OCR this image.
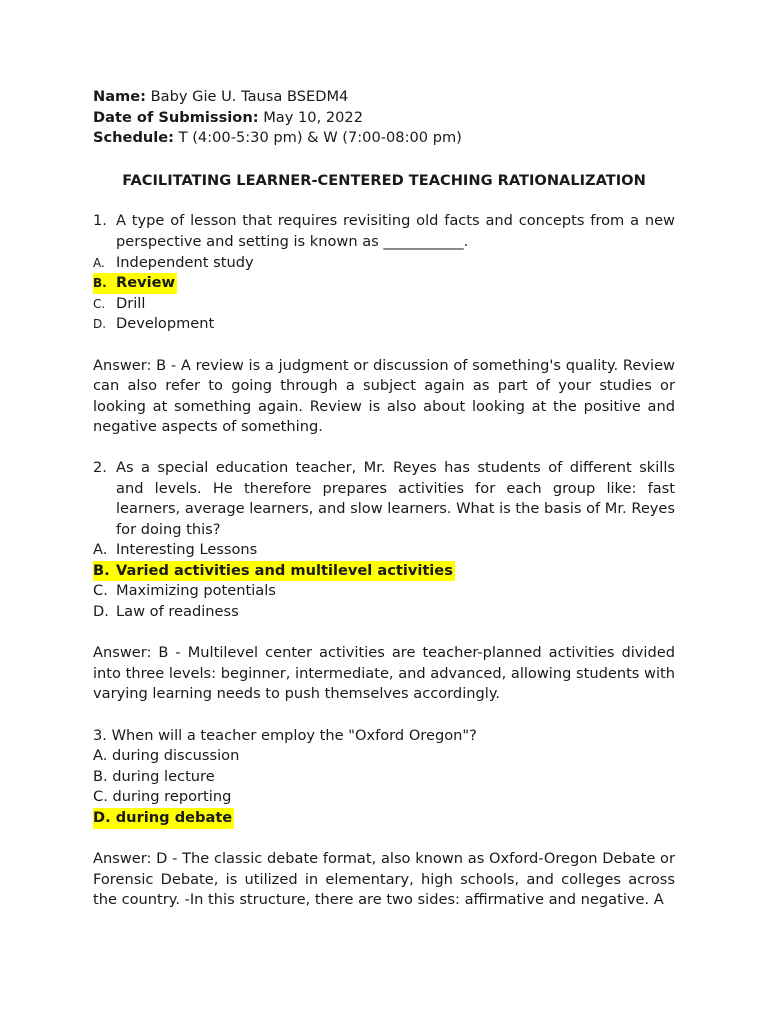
Name: Baby Gie U. Tausa BSEDM4
Date of Submission: May 10, 2022
Schedule: T (4:00-5:30 pm) & W (7:00-08:00 pm)
FACILITATING LEARNER-CENTERED TEACHING RATIONALIZATION
1. A type of lesson that requires revisiting old facts and concepts from a new perspective and setting is known as ___________.
A. Independent study
B. Review
C. Drill
D. Development
Answer: B - A review is a judgment or discussion of something's quality. Review can also refer to going through a subject again as part of your studies or looking at something again. Review is also about looking at the positive and negative aspects of something.
2. As a special education teacher, Mr. Reyes has students of different skills and levels. He therefore prepares activities for each group like: fast learners, average learners, and slow learners. What is the basis of Mr. Reyes for doing this?
A. Interesting Lessons
B. Varied activities and multilevel activities
C. Maximizing potentials
D. Law of readiness
Answer: B - Multilevel center activities are teacher-planned activities divided into three levels: beginner, intermediate, and advanced, allowing students with varying learning needs to push themselves accordingly.
3. When will a teacher employ the "Oxford Oregon"?
A. during discussion
B. during lecture
C. during reporting
D. during debate
Answer: D - The classic debate format, also known as Oxford-Oregon Debate or Forensic Debate, is utilized in elementary, high schools, and colleges across the country. -In this structure, there are two sides: affirmative and negative. A
